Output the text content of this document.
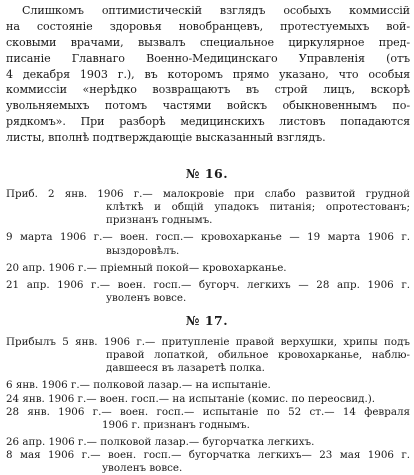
Слишкомъ оптимистическiй взглядъ особыхъ коммиссiй
на состоянiе здоровья новобранцевъ, протестуемыхъ вой-
сковыми врачами, вызвалъ специальное циркулярное пред-
писанiе Главнаго Военно-Медицинскаго Управленiя (отъ
4 декабря 1903 г.), въ которомъ прямо указано, что особыя
коммиссiи «нерѣдко возвращаютъ въ строй лицъ, вскорѣ
увольняемыхъ потомъ частями войскъ обыкновеннымъ по-
рядкомъ». При разборѣ медицинскихъ листовъ попадаются
листы, вполнѣ подтверждающiе высказанный взглядъ.
№ 16.
Приб. 2 янв. 1906 г.— малокровiе при слабо развитой грудной
клѣткѣ и общiй упадокъ питанiя; опротестованъ;
признанъ годнымъ.
9 марта 1906 г.— воен. госп.— кровохарканье — 19 марта 1906 г.
выздоровѣлъ.
20 апр. 1906 г.— прiемный покой— кровохарканье.
21 апр. 1906 г.— воен. госп.— бугорч. легкихъ — 28 апр. 1906 г.
уволенъ вовсе.
№ 17.
Прибылъ 5 янв. 1906 г.— притупленiе правой верхушки, хрипы подъ
правой лопаткой, обильное кровохарканье, наблю-
давшееся въ лазаретѣ полка.
6 янв. 1906 г.— полковой лазар.— на испытанiе.
24 янв. 1906 г.— воен. госп.— на испытанiе (комис. по переосвид.).
28 янв. 1906 г.— воен. госп.— испытанiе по 52 ст.— 14 февраля
1906 г. признанъ годнымъ.
26 апр. 1906 г.— полковой лазар.— бугорчатка легкихъ.
8 мая 1906 г.— воен. госп.— бугорчатка легкихъ— 23 мая 1906 г.
уволенъ вовсе.
